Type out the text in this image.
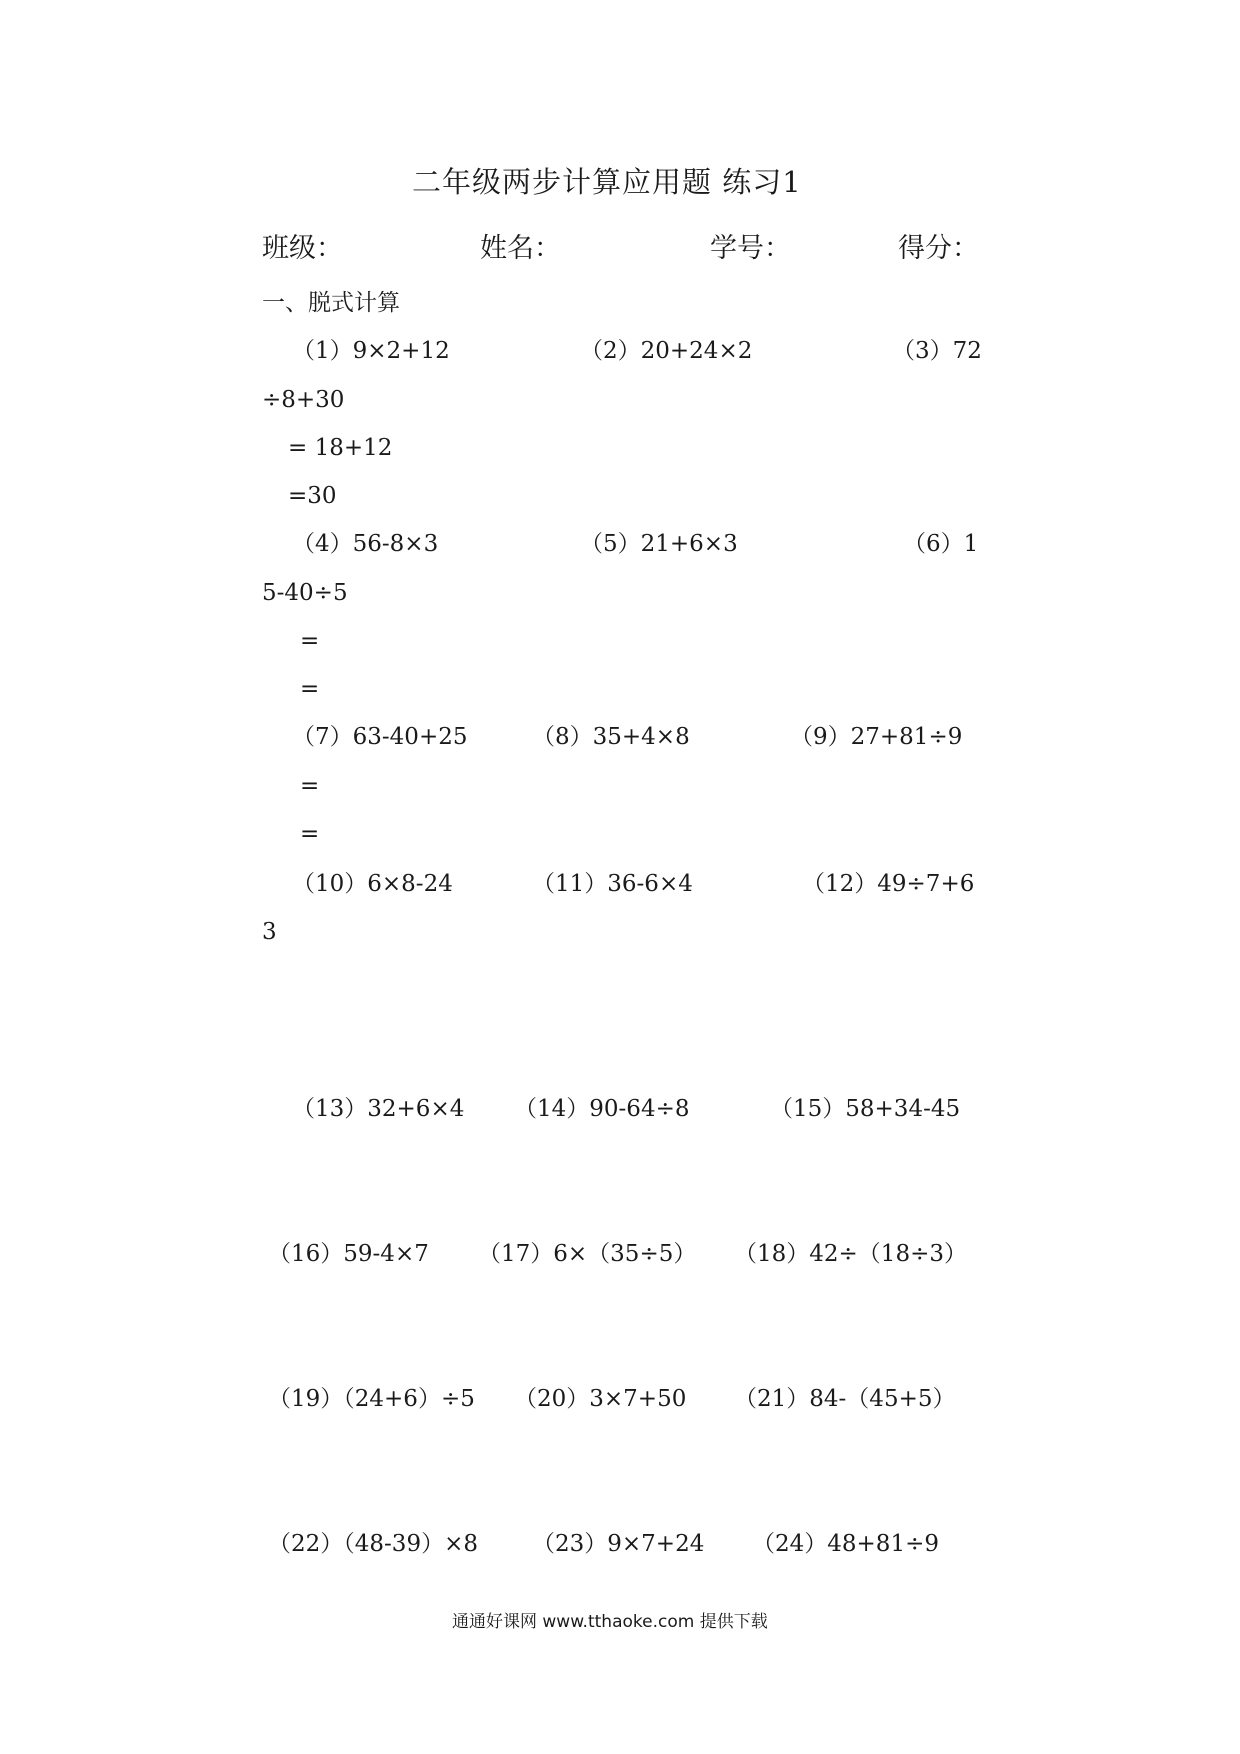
二年级两步计算应用题 练习1
班级：	姓名：	学号：	得分：
一、脱式计算
（1）9×2+12	（2）20+24×2	（3）72
÷8+30
= 18+12
=30
（4）56-8×3	（5）21+6×3	（6）1
5-40÷5
=
=
（7）63-40+25	（8）35+4×8	（9）27+81÷9
=
=
（10）6×8-24	（11）36-6×4	（12）49÷7+6
3
（13）32+6×4 （14）90-64÷8	（15）58+34-45
（16）59-4×7 （17）6×（35÷5） （18）42÷（18÷3）
（19）（24+6）÷5 （20）3×7+50 （21）84-（45+5）
（22）（48-39）×8 （23）9×7+24 （24）48+81÷9
通通好课网 www.tthaoke.com 提供下载
